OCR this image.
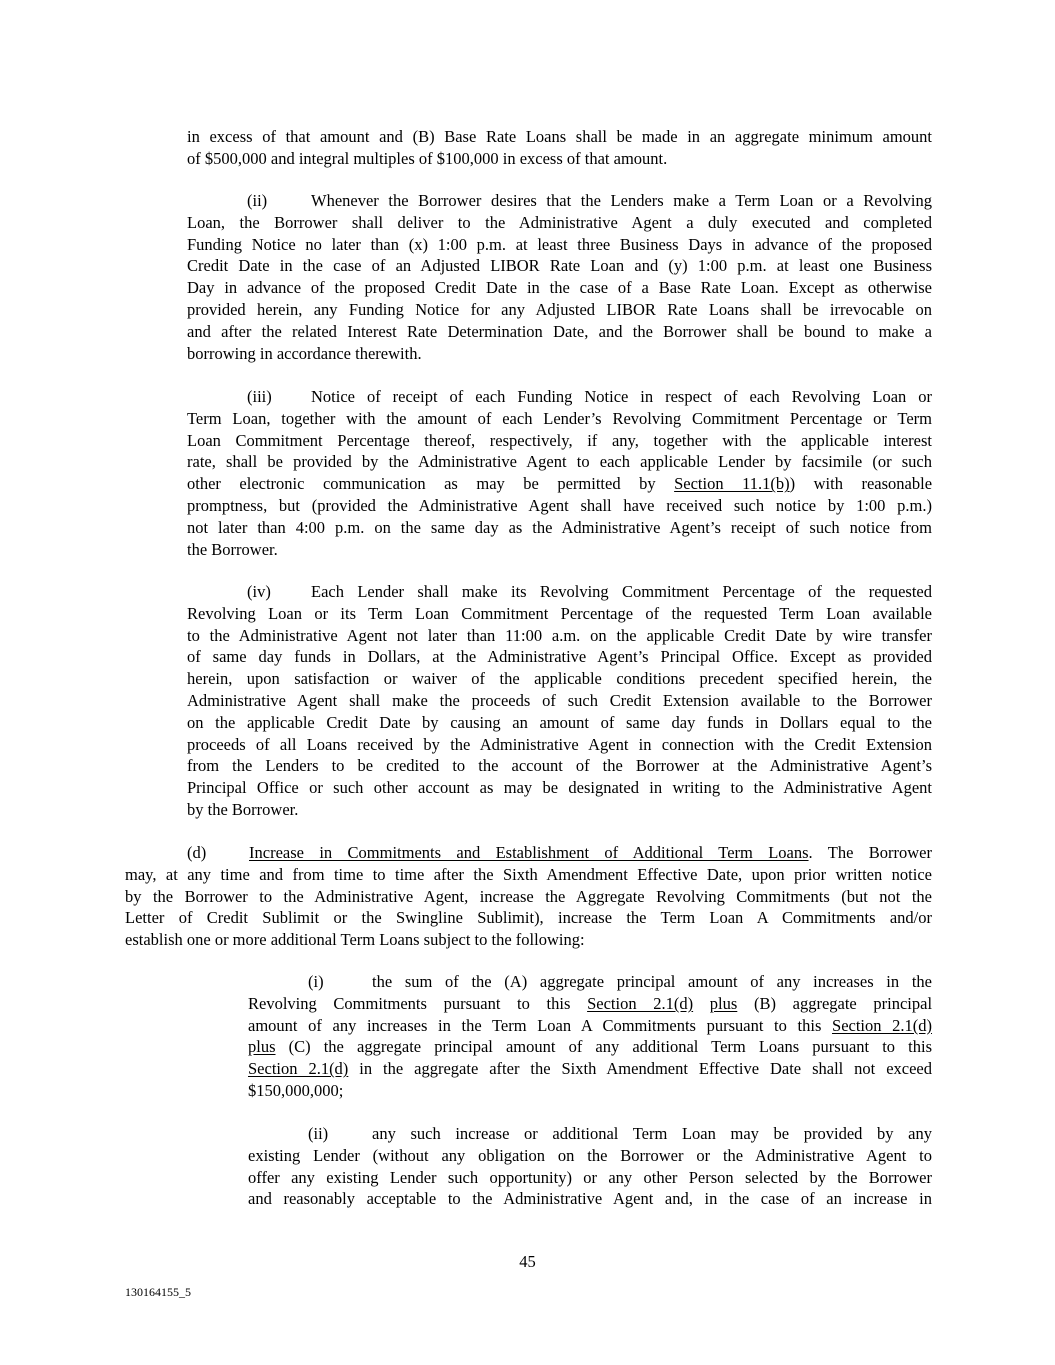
in excess of that amount and (B) Base Rate Loans shall be made in an aggregate minimum amount
of $500,000 and integral multiples of $100,000 in excess of that amount.
(ii)	Whenever the Borrower desires that the Lenders make a Term Loan or a Revolving
Loan, the Borrower shall deliver to the Administrative Agent a duly executed and completed
Funding Notice no later than (x) 1:00 p.m. at least three Business Days in advance of the proposed
Credit Date in the case of an Adjusted LIBOR Rate Loan and (y) 1:00 p.m. at least one Business
Day in advance of the proposed Credit Date in the case of a Base Rate Loan. Except as otherwise
provided herein, any Funding Notice for any Adjusted LIBOR Rate Loans shall be irrevocable on
and after the related Interest Rate Determination Date, and the Borrower shall be bound to make a
borrowing in accordance therewith.
(iii) Notice of receipt of each Funding Notice in respect of each Revolving Loan or
Term Loan, together with the amount of each Lender’s Revolving Commitment Percentage or Term
Loan Commitment Percentage thereof, respectively, if any, together with the applicable interest
rate, shall be provided by the Administrative Agent to each applicable Lender by facsimile (or such
other electronic communication as may be permitted by Section 11.1(b)) with reasonable
promptness, but (provided the Administrative Agent shall have received such notice by 1:00 p.m.)
not later than 4:00 p.m. on the same day as the Administrative Agent’s receipt of such notice from
the Borrower.
(iv) Each Lender shall make its Revolving Commitment Percentage of the requested
Revolving Loan or its Term Loan Commitment Percentage of the requested Term Loan available
to the Administrative Agent not later than 11:00 a.m. on the applicable Credit Date by wire transfer
of same day funds in Dollars, at the Administrative Agent’s Principal Office. Except as provided
herein, upon satisfaction or waiver of the applicable conditions precedent specified herein, the
Administrative Agent shall make the proceeds of such Credit Extension available to the Borrower
on the applicable Credit Date by causing an amount of same day funds in Dollars equal to the
proceeds of all Loans received by the Administrative Agent in connection with the Credit Extension
from the Lenders to be credited to the account of the Borrower at the Administrative Agent’s
Principal Office or such other account as may be designated in writing to the Administrative Agent
by the Borrower.
(d)	Increase in Commitments and Establishment of Additional Term Loans. The Borrower
may, at any time and from time to time after the Sixth Amendment Effective Date, upon prior written notice
by the Borrower to the Administrative Agent, increase the Aggregate Revolving Commitments (but not the
Letter of Credit Sublimit or the Swingline Sublimit), increase the Term Loan A Commitments and/or
establish one or more additional Term Loans subject to the following:
(i)	the sum of the (A) aggregate principal amount of any increases in the
Revolving Commitments pursuant to this Section 2.1(d) plus (B) aggregate principal
amount of any increases in the Term Loan A Commitments pursuant to this Section 2.1(d)
plus (C) the aggregate principal amount of any additional Term Loans pursuant to this
Section 2.1(d) in the aggregate after the Sixth Amendment Effective Date shall not exceed
$150,000,000;
(ii)	any such increase or additional Term Loan may be provided by any
existing Lender (without any obligation on the Borrower or the Administrative Agent to
offer any existing Lender such opportunity) or any other Person selected by the Borrower
and reasonably acceptable to the Administrative Agent and, in the case of an increase in
45
130164155_5
